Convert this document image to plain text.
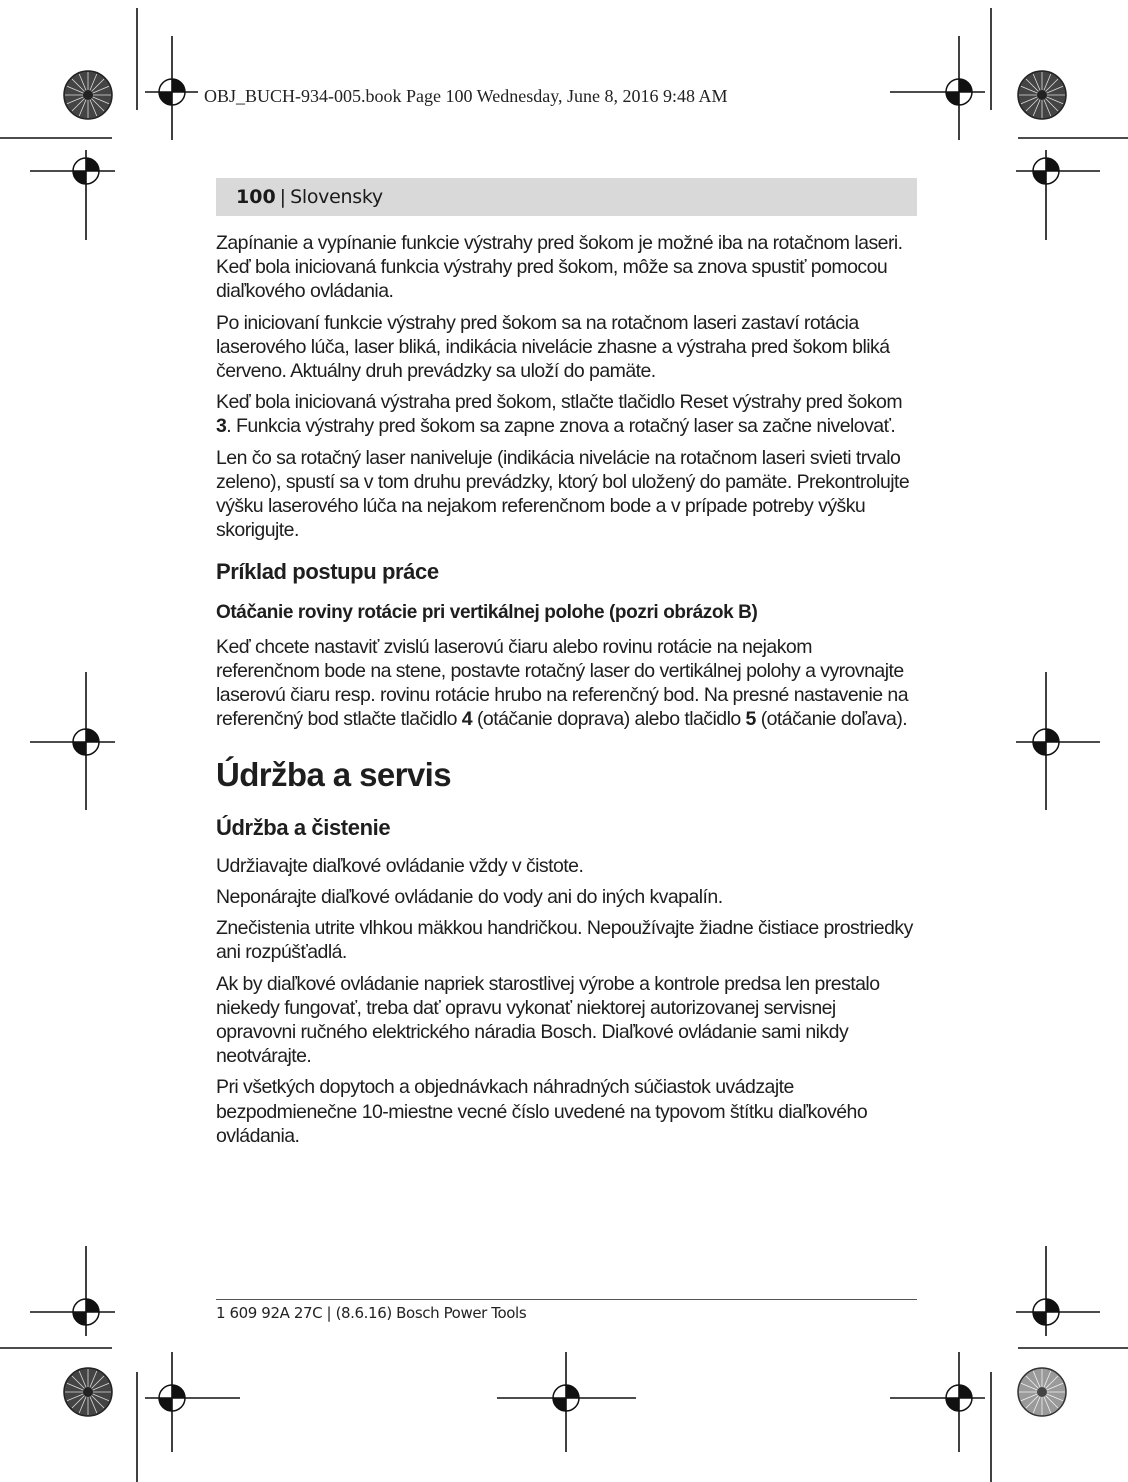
OBJ_BUCH-934-005.book Page 100 Wednesday, June 8, 2016 9:48 AM
100 | Slovensky

Zapínanie a vypínanie funkcie výstrahy pred šokom je možné iba na rotačnom laseri. Keď bola iniciovaná funkcia výstrahy pred šokom, môže sa znova spustiť pomocou diaľkového ovládania.

Po iniciovaní funkcie výstrahy pred šokom sa na rotačnom laseri zastaví rotácia laserového lúča, laser bliká, indikácia nivelácie zhasne a výstraha pred šokom bliká červeno. Aktuálny druh prevádzky sa uloží do pamäte.

Keď bola iniciovaná výstraha pred šokom, stlačte tlačidlo Reset výstrahy pred šokom 3. Funkcia výstrahy pred šokom sa zapne znova a rotačný laser sa začne nivelovať.

Len čo sa rotačný laser naniveluje (indikácia nivelácie na rotačnom laseri svieti trvalo zeleno), spustí sa v tom druhu prevádzky, ktorý bol uložený do pamäte. Prekontrolujte výšku laserového lúča na nejakom referenčnom bode a v prípade potreby výšku skorigujte.

Príklad postupu práce

Otáčanie roviny rotácie pri vertikálnej polohe (pozri obrázok B)

Keď chcete nastaviť zvislú laserovú čiaru alebo rovinu rotácie na nejakom referenčnom bode na stene, postavte rotačný laser do vertikálnej polohy a vyrovnajte laserovú čiaru resp. rovinu rotácie hrubo na referenčný bod. Na presné nastavenie na referenčný bod stlačte tlačidlo 4 (otáčanie doprava) alebo tlačidlo 5 (otáčanie doľava).

Údržba a servis

Údržba a čistenie

Udržiavajte diaľkové ovládanie vždy v čistote.

Neponárajte diaľkové ovládanie do vody ani do iných kvapalín.

Znečistenia utrite vlhkou mäkkou handričkou. Nepoužívajte žiadne čistiace prostriedky ani rozpúšťadlá.

Ak by diaľkové ovládanie napriek starostlivej výrobe a kontrole predsa len prestalo niekedy fungovať, treba dať opravu vykonať niektorej autorizovanej servisnej opravovni ručného elektrického náradia Bosch. Diaľkové ovládanie sami nikdy neotvárajte.

Pri všetkých dopytoch a objednávkach náhradných súčiastok uvádzajte bezpodmienečne 10-miestne vecné číslo uvedené na typovom štítku diaľkového ovládania.

1 609 92A 27C | (8.6.16) Bosch Power Tools
